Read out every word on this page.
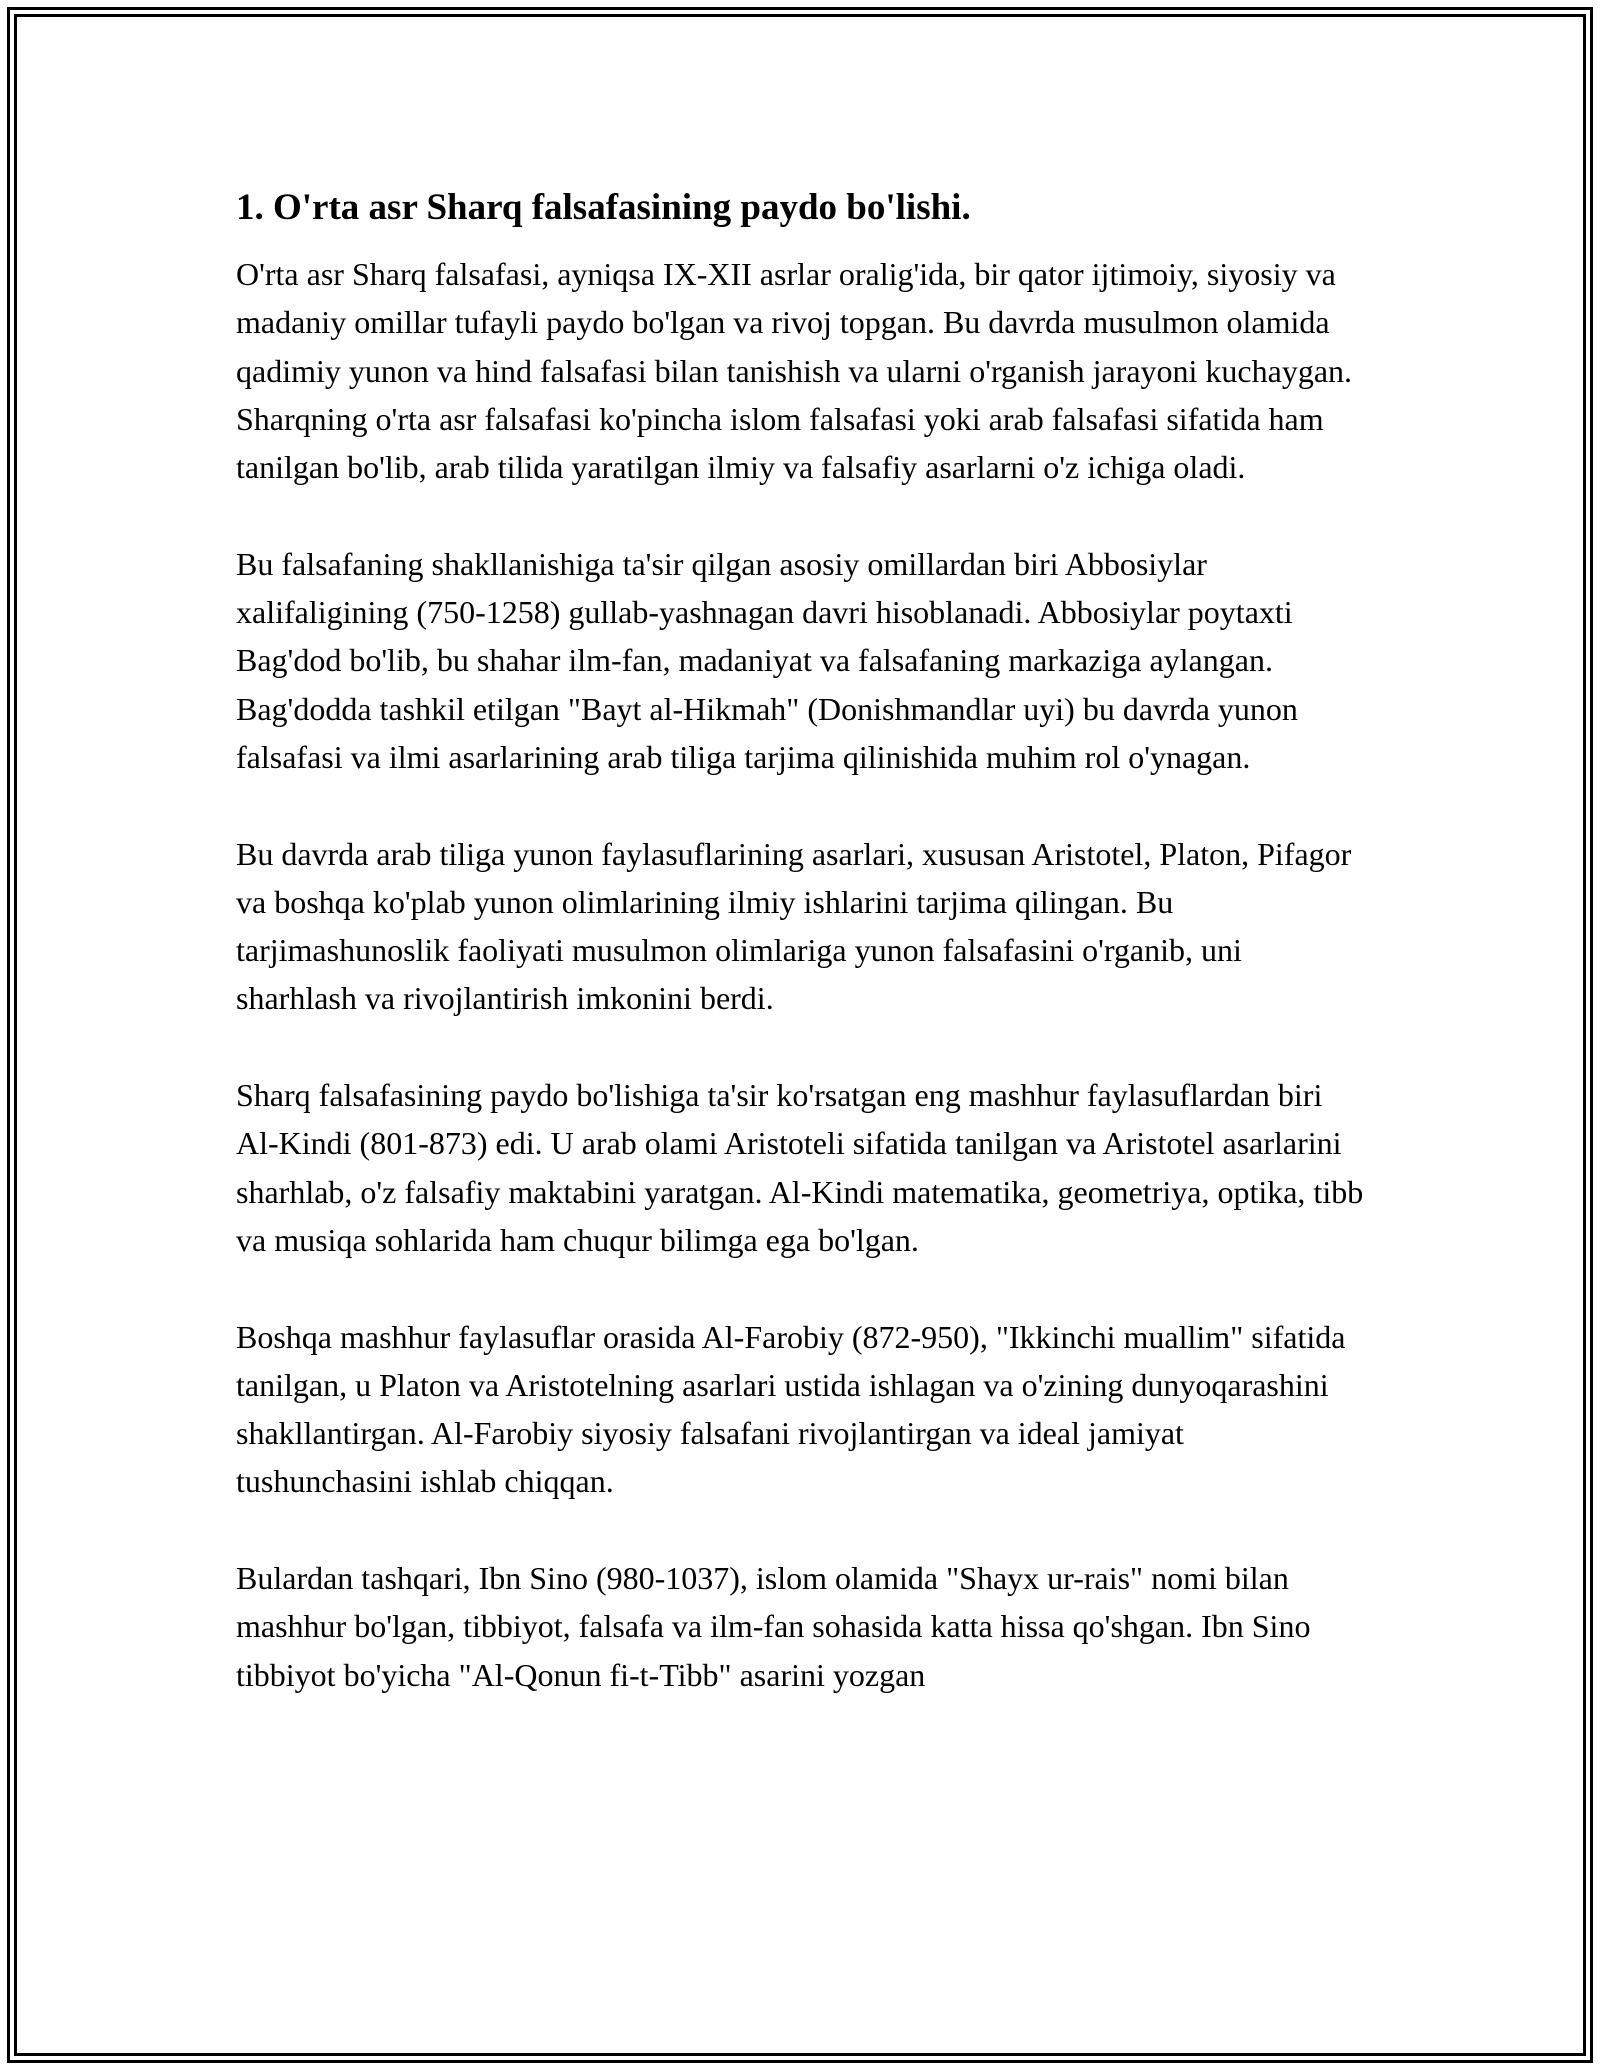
1. O'rta asr Sharq falsafasining paydo bo'lishi.

O'rta asr Sharq falsafasi, ayniqsa IX-XII asrlar oralig'ida, bir qator ijtimoiy, siyosiy va madaniy omillar tufayli paydo bo'lgan va rivoj topgan. Bu davrda musulmon olamida qadimiy yunon va hind falsafasi bilan tanishish va ularni o'rganish jarayoni kuchaygan. Sharqning o'rta asr falsafasi ko'pincha islom falsafasi yoki arab falsafasi sifatida ham tanilgan bo'lib, arab tilida yaratilgan ilmiy va falsafiy asarlarni o'z ichiga oladi.

Bu falsafaning shakllanishiga ta'sir qilgan asosiy omillardan biri Abbosiylar xalifaligining (750-1258) gullab-yashnagan davri hisoblanadi. Abbosiylar poytaxti Bag'dod bo'lib, bu shahar ilm-fan, madaniyat va falsafaning markaziga aylangan. Bag'dodda tashkil etilgan "Bayt al-Hikmah" (Donishmandlar uyi) bu davrda yunon falsafasi va ilmi asarlarining arab tiliga tarjima qilinishida muhim rol o'ynagan.

Bu davrda arab tiliga yunon faylasuflarining asarlari, xususan Aristotel, Platon, Pifagor va boshqa ko'plab yunon olimlarining ilmiy ishlarini tarjima qilingan. Bu tarjimashunoslik faoliyati musulmon olimlariga yunon falsafasini o'rganib, uni sharhlash va rivojlantirish imkonini berdi.

Sharq falsafasining paydo bo'lishiga ta'sir ko'rsatgan eng mashhur faylasuflardan biri Al-Kindi (801-873) edi. U arab olami Aristoteli sifatida tanilgan va Aristotel asarlarini sharhlab, o'z falsafiy maktabini yaratgan. Al-Kindi matematika, geometriya, optika, tibb va musiqa sohlarida ham chuqur bilimga ega bo'lgan.

Boshqa mashhur faylasuflar orasida Al-Farobiy (872-950), "Ikkinchi muallim" sifatida tanilgan, u Platon va Aristotelning asarlari ustida ishlagan va o'zining dunyoqarashini shakllantirgan. Al-Farobiy siyosiy falsafani rivojlantirgan va ideal jamiyat tushunchasini ishlab chiqqan.

Bulardan tashqari, Ibn Sino (980-1037), islom olamida "Shayx ur-rais" nomi bilan mashhur bo'lgan, tibbiyot, falsafa va ilm-fan sohasida katta hissa qo'shgan. Ibn Sino tibbiyot bo'yicha "Al-Qonun fi-t-Tibb" asarini yozgan
